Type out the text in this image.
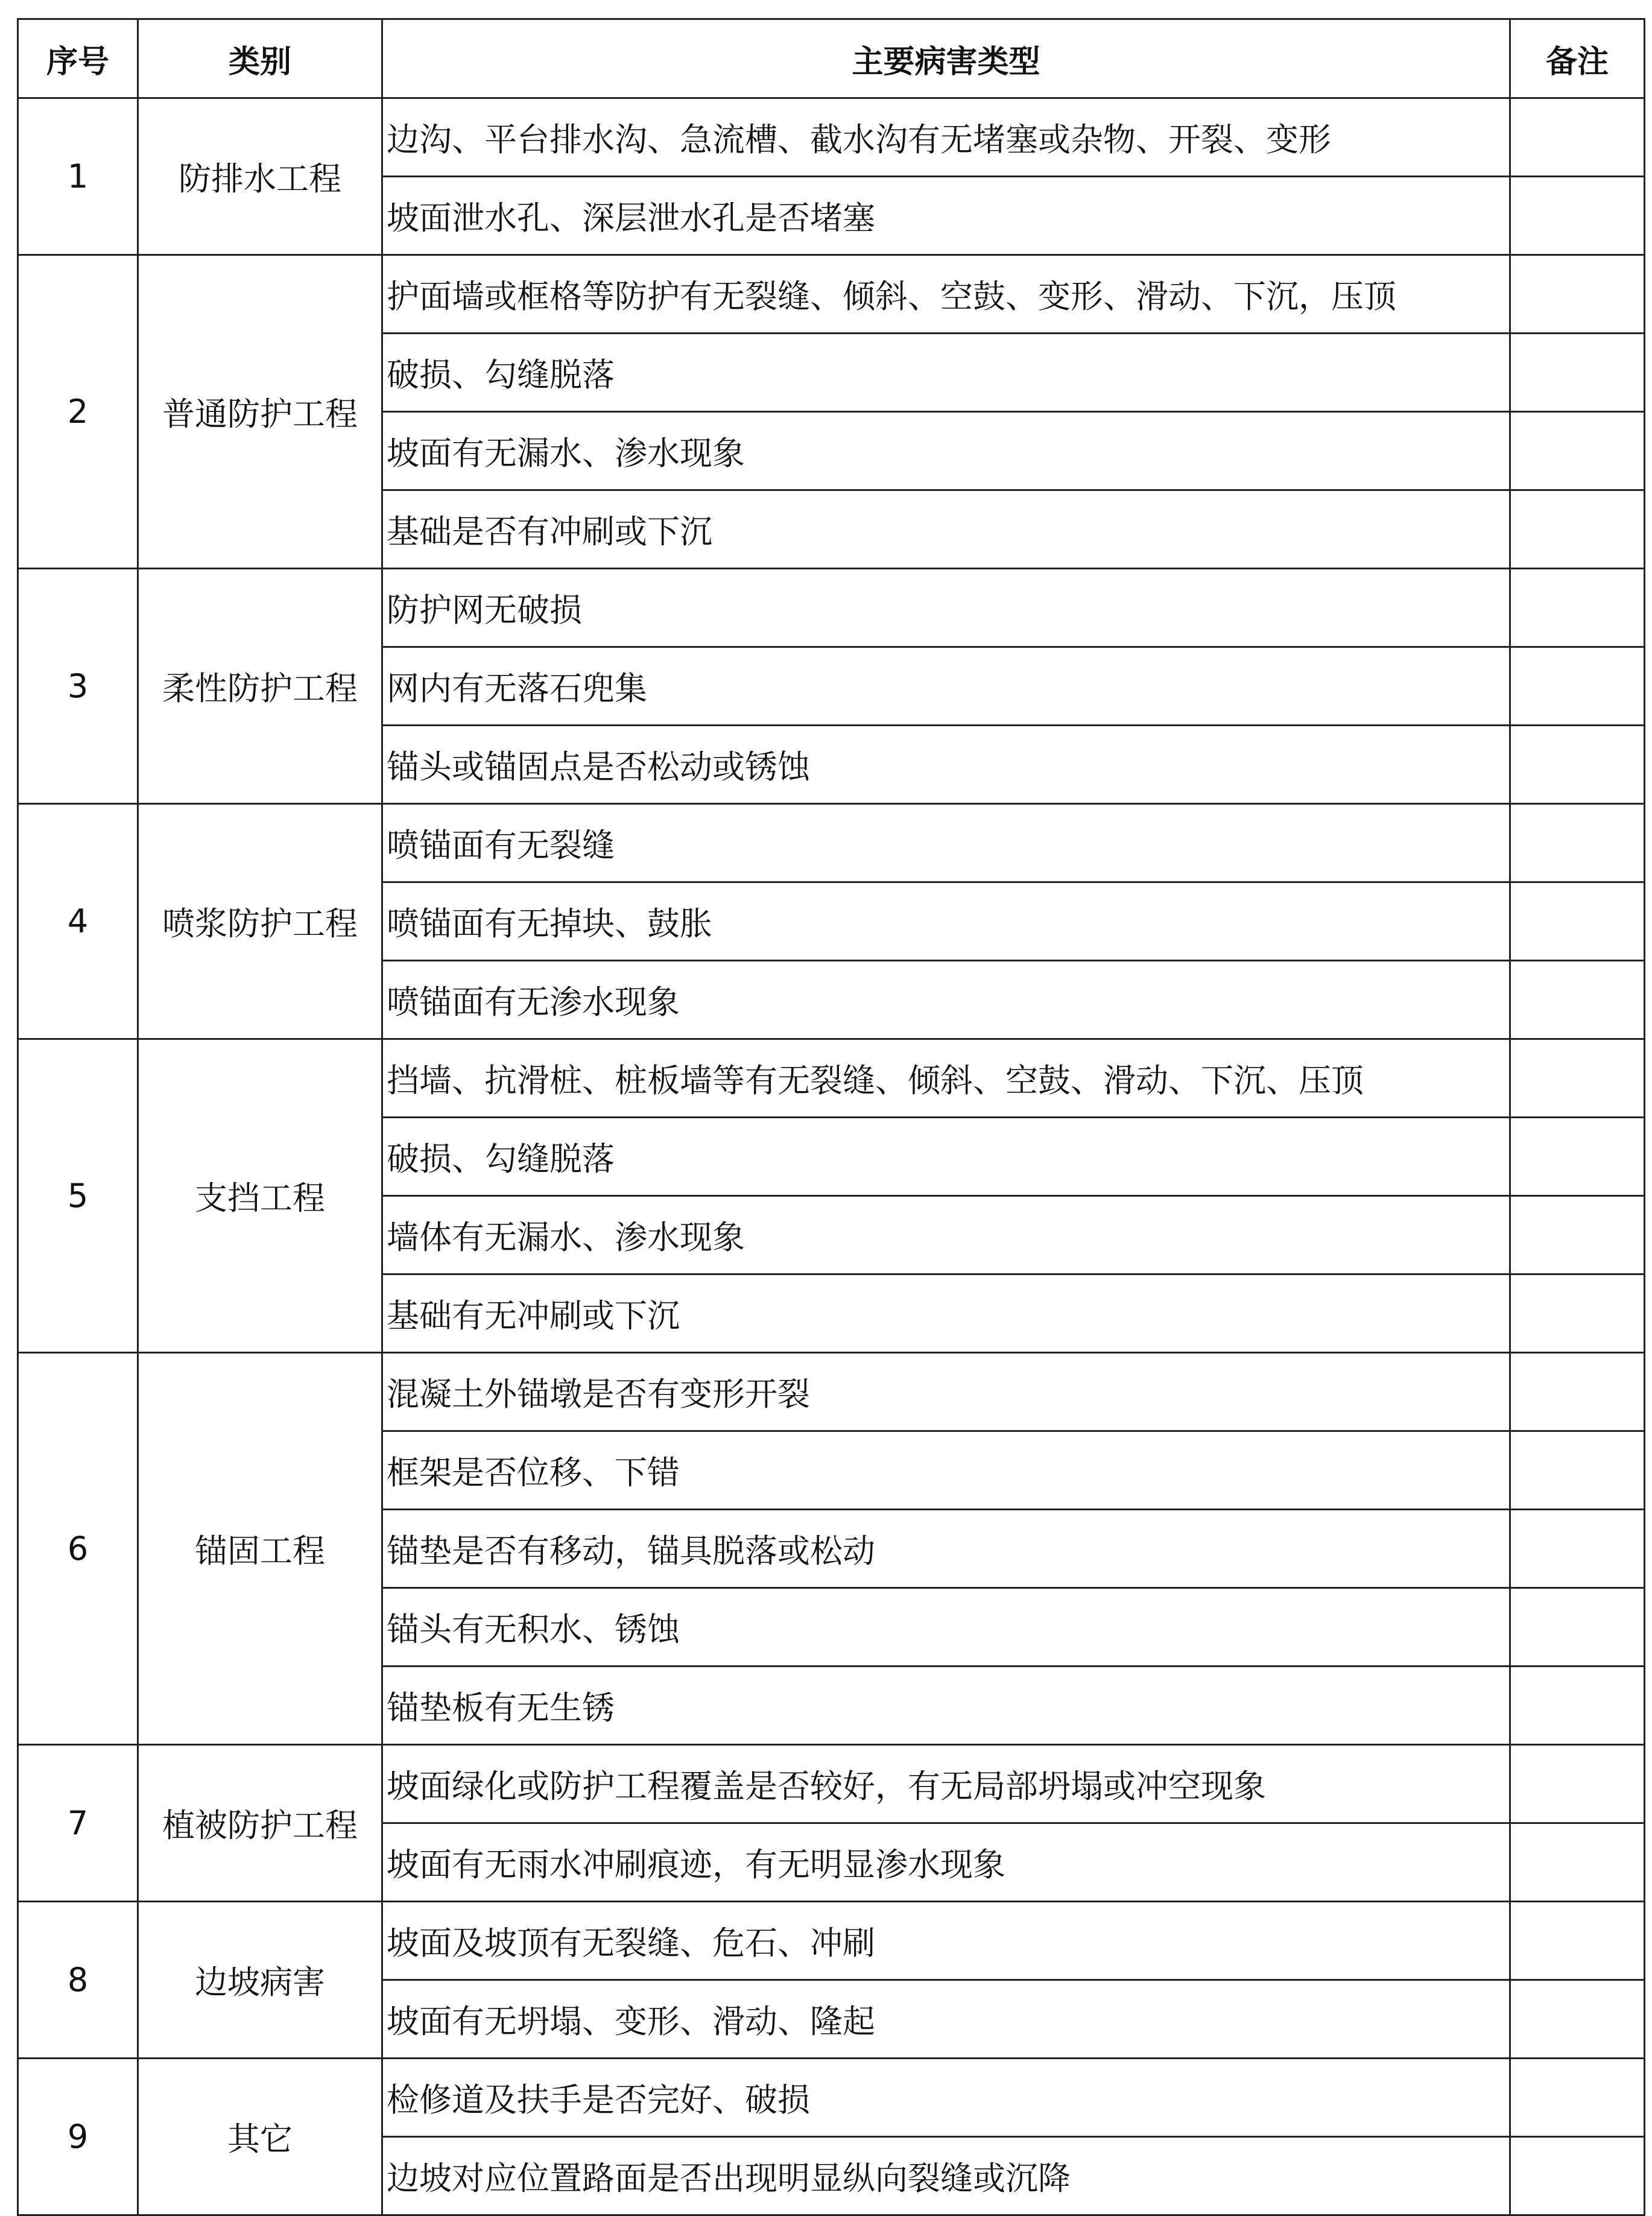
序号	类别	主要病害类型	备注
1	防排水工程	边沟、平台排水沟、急流槽、截水沟有无堵塞或杂物、开裂、变形	
		坡面泄水孔、深层泄水孔是否堵塞	
2	普通防护工程	护面墙或框格等防护有无裂缝、倾斜、空鼓、变形、滑动、下沉，压顶	
		破损、勾缝脱落	
		坡面有无漏水、渗水现象	
		基础是否有冲刷或下沉	
3	柔性防护工程	防护网无破损	
		网内有无落石兜集	
		锚头或锚固点是否松动或锈蚀	
4	喷浆防护工程	喷锚面有无裂缝	
		喷锚面有无掉块、鼓胀	
		喷锚面有无渗水现象	
5	支挡工程	挡墙、抗滑桩、桩板墙等有无裂缝、倾斜、空鼓、滑动、下沉、压顶	
		破损、勾缝脱落	
		墙体有无漏水、渗水现象	
		基础有无冲刷或下沉	
6	锚固工程	混凝土外锚墩是否有变形开裂	
		框架是否位移、下错	
		锚垫是否有移动，锚具脱落或松动	
		锚头有无积水、锈蚀	
		锚垫板有无生锈	
7	植被防护工程	坡面绿化或防护工程覆盖是否较好，有无局部坍塌或冲空现象	
		坡面有无雨水冲刷痕迹，有无明显渗水现象	
8	边坡病害	坡面及坡顶有无裂缝、危石、冲刷	
		坡面有无坍塌、变形、滑动、隆起	
9	其它	检修道及扶手是否完好、破损	
		边坡对应位置路面是否出现明显纵向裂缝或沉降	
